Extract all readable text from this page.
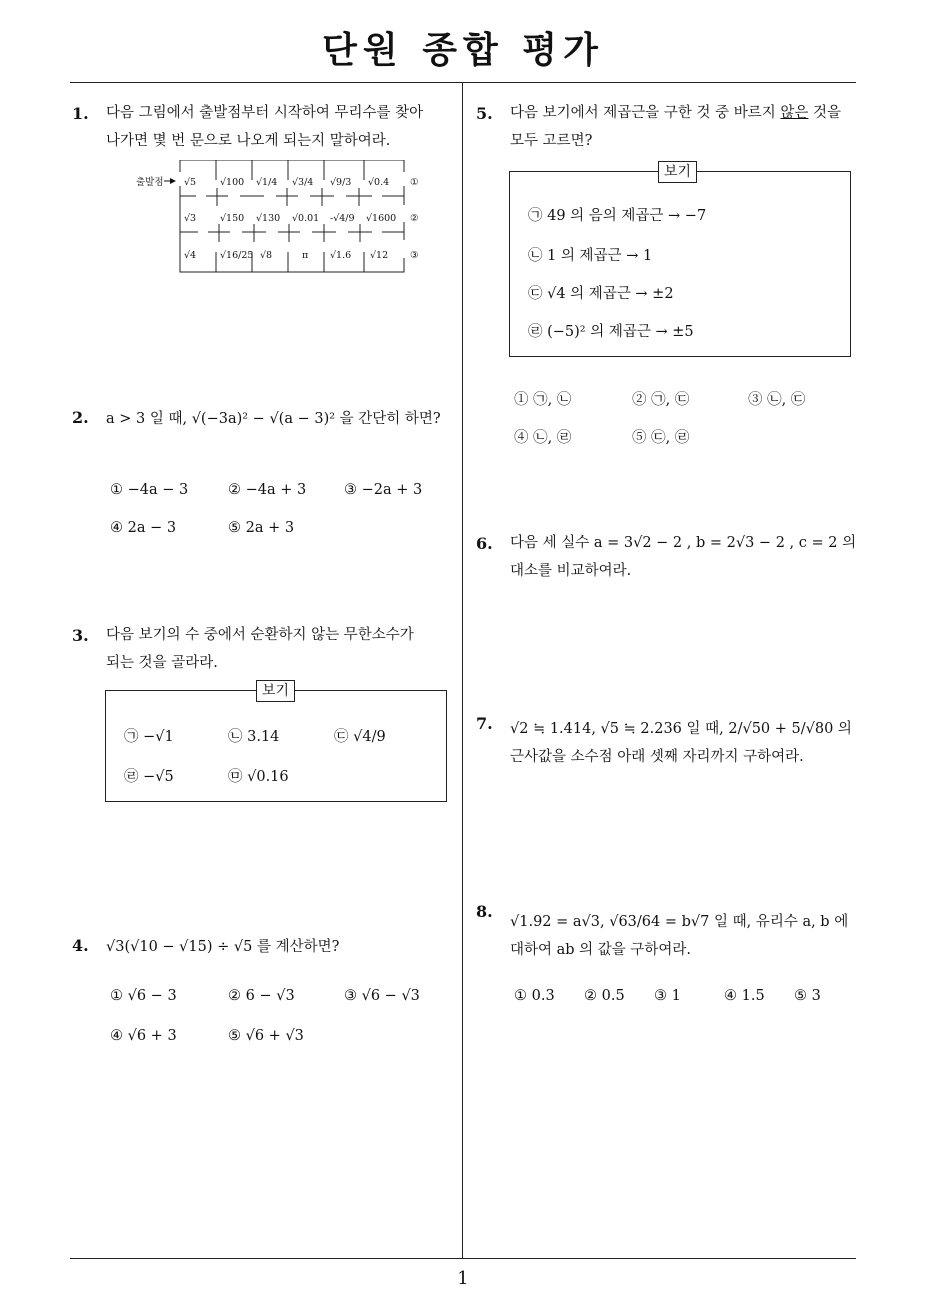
단원 종합 평가
1
1. 다음 그림에서 출발점부터 시작하여 무리수를 찾아
나가면 몇 번 문으로 나오게 되는지 말하여라.
출발점 √5	√100 √1/4 √3/4 √9/3 √0.4 ①
√3	√150 √130 √0.01 -√4/9 √1600 ②
√4	√16/25 √8	π √1.6 √12 ③
2. a > 3 일 때, √(−3a)² − √(a − 3)² 을 간단히 하면?
① −4a − 3	② −4a + 3	③ −2a + 3
④ 2a − 3	⑤ 2a + 3
3. 다음 보기의 수 중에서 순환하지 않는 무한소수가
되는 것을 골라라.
보기
㉠ −√1	㉡ 3.14	㉢ √4/9
㉣ −√5	㉤ √0.16
4. √3(√10 − √15) ÷ √5 를 계산하면?
① √6 − 3	② 6 − √3	③ √6 − √3
④ √6 + 3	⑤ √6 + √3
5. 다음 보기에서 제곱근을 구한 것 중 바르지 않은 것을
모두 고르면?
보기
㉠ 49 의 음의 제곱근 → −7
㉡ 1 의 제곱근 → 1
㉢ √4 의 제곱근 → ±2
㉣ (−5)² 의 제곱근 → ±5
① ㉠, ㉡	② ㉠, ㉢	③ ㉡, ㉢
④ ㉡, ㉣	⑤ ㉢, ㉣
6. 다음 세 실수 a = 3√2 − 2 , b = 2√3 − 2 , c = 2 의
대소를 비교하여라.
7. √2 ≒ 1.414, √5 ≒ 2.236 일 때, 2/√50 + 5/√80 의
근사값을 소수점 아래 셋째 자리까지 구하여라.
8.
√1.92 = a√3, √63/64 = b√7 일 때, 유리수 a, b 에
대하여 ab 의 값을 구하여라.
① 0.3 ② 0.5 ③ 1	④ 1.5 ⑤ 3
